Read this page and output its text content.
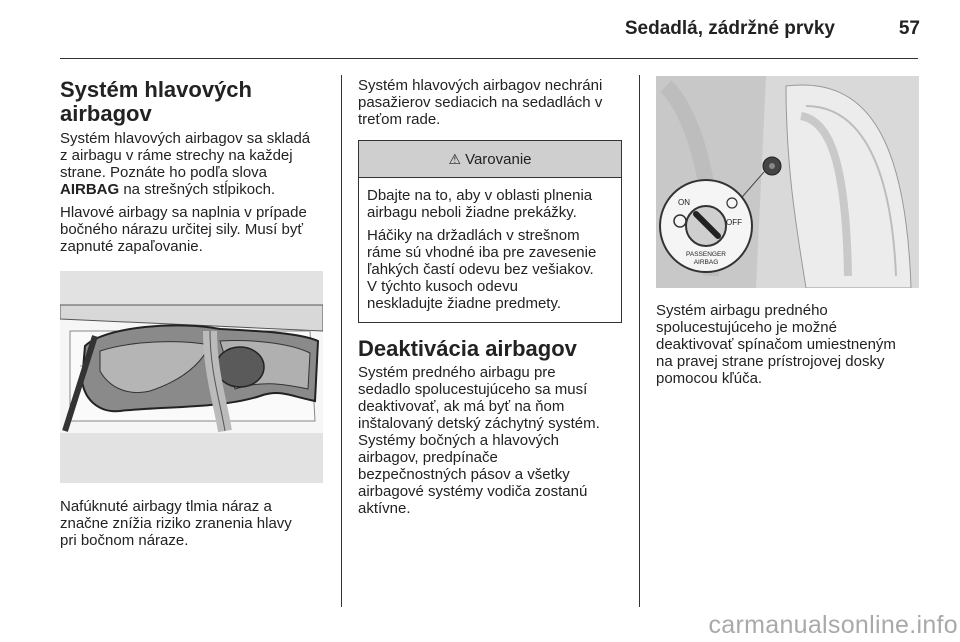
Sedadlá, zádržné prvky	57
Systém hlavových
airbagov

Systém hlavových airbagov sa skladá
z airbagu v ráme strechy na každej
strane. Poznáte ho podľa slova
AIRBAG na strešných stĺpikoch.

Hlavové airbagy sa naplnia v prípade
bočného nárazu určitej sily. Musí byť
zapnuté zapaľovanie.

Nafúknuté airbagy tlmia náraz a
značne znížia riziko zranenia hlavy
pri bočnom náraze.

Systém hlavových airbagov nechráni
pasažierov sediacich na sedadlách v
treťom rade.

⚠ Varovanie

Dbajte na to, aby v oblasti plnenia
airbagu neboli žiadne prekážky.

Háčiky na držadlách v strešnom
ráme sú vhodné iba pre zavesenie
ľahkých častí odevu bez vešiakov.
V týchto kusoch odevu
neskladujte žiadne predmety.

Deaktivácia airbagov

Systém predného airbagu pre
sedadlo spolucestujúceho sa musí
deaktivovať, ak má byť na ňom
inštalovaný detský záchytný systém.
Systémy bočných a hlavových
airbagov, predpínače
bezpečnostných pásov a všetky
airbagové systémy vodiča zostanú
aktívne.

ON
OFF
PASSENGER
AIRBAG

Systém airbagu predného
spolucestujúceho je možné
deaktivovať spínačom umiestneným
na pravej strane prístrojovej dosky
pomocou kľúča.

carmanualsonline.info
